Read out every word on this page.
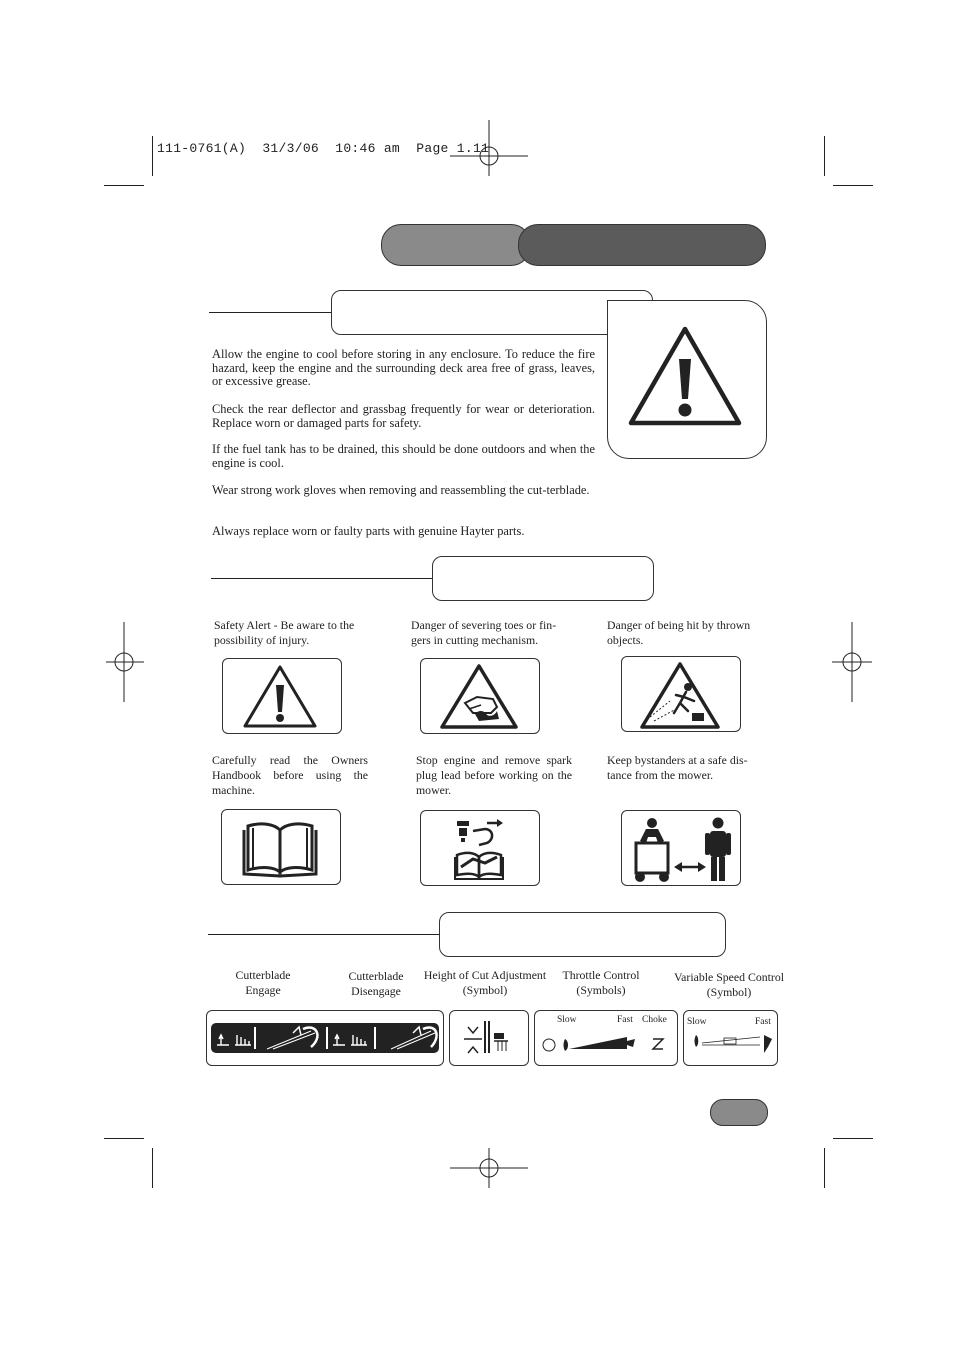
111-0761(A)  31/3/06  10:46 am  Page 1.11

Allow the engine to cool before storing in any enclosure. To reduce the fire hazard, keep the engine and the surrounding deck area free of grass, leaves, or excessive grease.

Check the rear deflector and grassbag frequently for wear or deterioration. Replace worn or damaged parts for safety.

If the fuel tank has to be drained, this should be done outdoors and when the engine is cool.

Wear strong work gloves when removing and reassembling the cut-terblade.

Always replace worn or faulty parts with genuine Hayter parts.

Safety Alert - Be aware to the possibility of injury.

Danger of severing toes or fin-gers in cutting mechanism.

Danger of being hit by thrown objects.

Carefully read the Owners Handbook before using the machine.

Stop engine and remove spark plug lead before working on the mower.

Keep bystanders at a safe dis-tance from the mower.

Cutterblade Engage

Cutterblade Disengage

Height of Cut Adjustment (Symbol)

Throttle Control (Symbols)

Variable Speed Control (Symbol)

Slow	Fast Choke Slow	Fast
